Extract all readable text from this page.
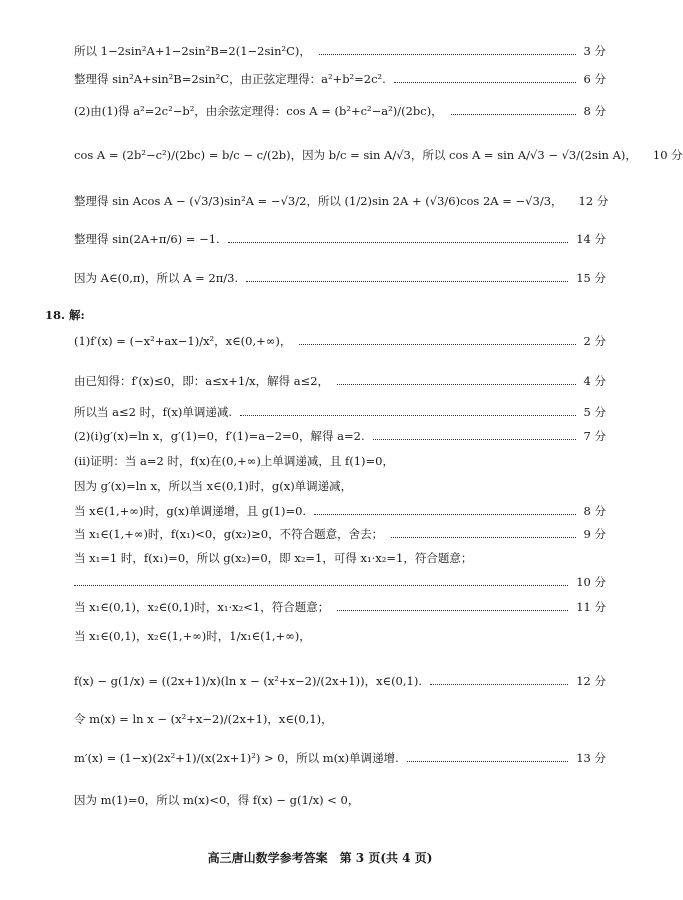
所以 1−2sin²A+1−2sin²B=2(1−2sin²C)，	3 分
整理得 sin²A+sin²B=2sin²C，由正弦定理得：a²+b²=2c².	6 分
(2)由(1)得 a²=2c²−b²，由余弦定理得：cos A = (b²+c²−a²)/(2bc)，	8 分
cos A = (2b²−c²)/(2bc) = b/c − c/(2b)，因为 b/c = sin A/√3，所以 cos A = sin A/√3 − √3/(2sin A)， 10 分
整理得 sin Acos A − (√3/3)sin²A = −√3/2，所以 (1/2)sin 2A + (√3/6)cos 2A = −√3/3， 12 分
整理得 sin(2A+π/6) = −1.	14 分
因为 A∈(0,π)，所以 A = 2π/3.	15 分
18. 解:
(1)f′(x) = (−x²+ax−1)/x²，x∈(0,+∞)，	2 分
由已知得：f′(x)≤0，即：a≤x+1/x，解得 a≤2，	4 分
所以当 a≤2 时，f(x)单调递减.	5 分
(2)(ⅰ)g′(x)=ln x，g′(1)=0，f′(1)=a−2=0，解得 a=2.	7 分
(ⅱ)证明：当 a=2 时，f(x)在(0,+∞)上单调递减，且 f(1)=0，
因为 g′(x)=ln x，所以当 x∈(0,1)时，g(x)单调递减，
当 x∈(1,+∞)时，g(x)单调递增，且 g(1)=0.	8 分
当 x₁∈(1,+∞)时，f(x₁)<0，g(x₂)≥0，不符合题意，舍去；	9 分
当 x₁=1 时，f(x₁)=0，所以 g(x₂)=0，即 x₂=1，可得 x₁·x₂=1，符合题意；
10 分
当 x₁∈(0,1)，x₂∈(0,1)时，x₁·x₂<1，符合题意；	11 分
当 x₁∈(0,1)，x₂∈(1,+∞)时，1/x₁∈(1,+∞)，
f(x) − g(1/x) = ((2x+1)/x)(ln x − (x²+x−2)/(2x+1))，x∈(0,1).	12 分
令 m(x) = ln x − (x²+x−2)/(2x+1)，x∈(0,1)，
m′(x) = (1−x)(2x²+1)/(x(2x+1)²) > 0，所以 m(x)单调递增.	13 分
因为 m(1)=0，所以 m(x)<0，得 f(x) − g(1/x) < 0，
高三唐山数学参考答案　第 3 页(共 4 页)
